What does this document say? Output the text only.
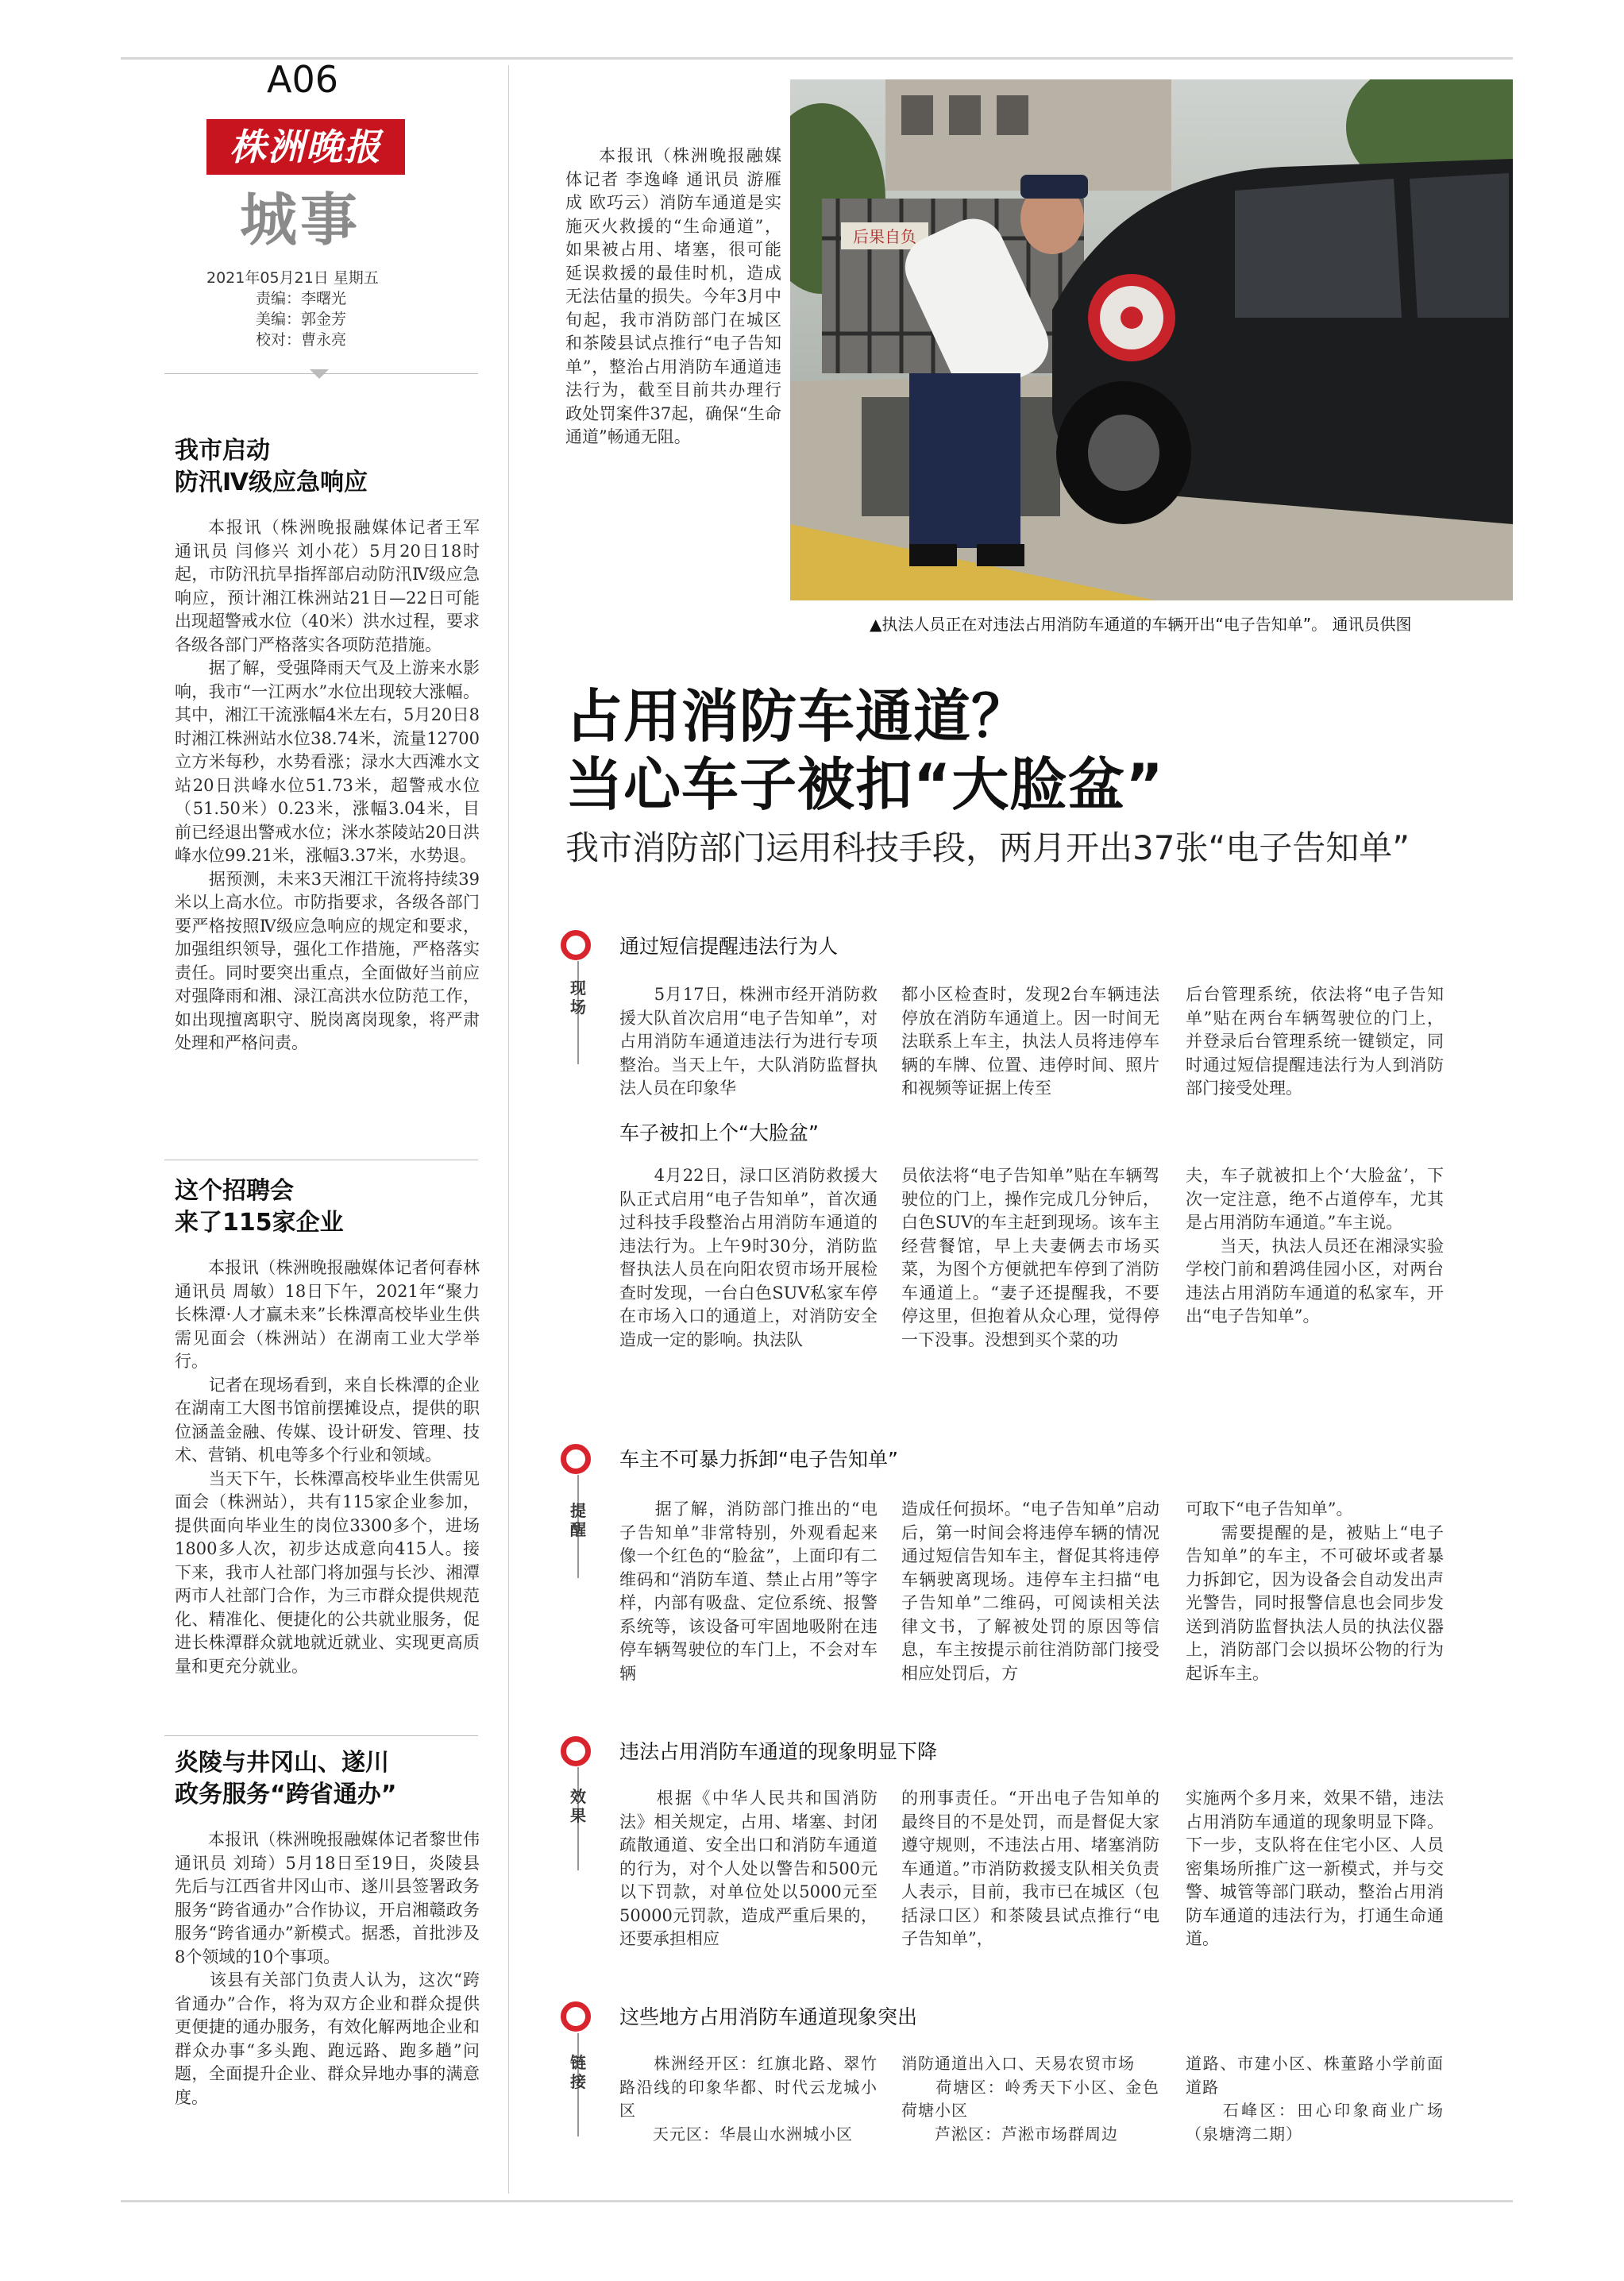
A06
株洲晚报
城事
2021年05月21日 星期五
责编：李曙光
美编：郭金芳
校对：曹永亮
我市启动
防汛Ⅳ级应急响应
本报讯（株洲晚报融媒体记者王军 通讯员 闫修兴 刘小花）5月20日18时起，市防汛抗旱指挥部启动防汛Ⅳ级应急响应，预计湘江株洲站21日—22日可能出现超警戒水位（40米）洪水过程，要求各级各部门严格落实各项防范措施。
　　据了解，受强降雨天气及上游来水影响，我市“一江两水”水位出现较大涨幅。其中，湘江干流涨幅4米左右，5月20日8时湘江株洲站水位38.74米，流量12700立方米每秒，水势看涨；渌水大西滩水文站20日洪峰水位51.73米，超警戒水位（51.50米）0.23米，涨幅3.04米，目前已经退出警戒水位；洣水茶陵站20日洪峰水位99.21米，涨幅3.37米，水势退。
　　据预测，未来3天湘江干流将持续39米以上高水位。市防指要求，各级各部门要严格按照Ⅳ级应急响应的规定和要求，加强组织领导，强化工作措施，严格落实责任。同时要突出重点，全面做好当前应对强降雨和湘、渌江高洪水位防范工作，如出现擅离职守、脱岗离岗现象，将严肃处理和严格问责。
这个招聘会
来了115家企业
本报讯（株洲晚报融媒体记者何春林 通讯员 周敏）18日下午，2021年“聚力长株潭·人才赢未来”长株潭高校毕业生供需见面会（株洲站）在湖南工业大学举行。
　　记者在现场看到，来自长株潭的企业在湖南工大图书馆前摆摊设点，提供的职位涵盖金融、传媒、设计研发、管理、技术、营销、机电等多个行业和领域。
　　当天下午，长株潭高校毕业生供需见面会（株洲站），共有115家企业参加，提供面向毕业生的岗位3300多个，进场1800多人次，初步达成意向415人。接下来，我市人社部门将加强与长沙、湘潭两市人社部门合作，为三市群众提供规范化、精准化、便捷化的公共就业服务，促进长株潭群众就地就近就业、实现更高质量和更充分就业。
炎陵与井冈山、遂川
政务服务“跨省通办”
本报讯（株洲晚报融媒体记者黎世伟 通讯员 刘琦）5月18日至19日，炎陵县先后与江西省井冈山市、遂川县签署政务服务“跨省通办”合作协议，开启湘赣政务服务“跨省通办”新模式。据悉，首批涉及8个领域的10个事项。
　　该县有关部门负责人认为，这次“跨省通办”合作，将为双方企业和群众提供更便捷的通办服务，有效化解两地企业和群众办事“多头跑、跑远路、跑多趟”问题，全面提升企业、群众异地办事的满意度。
本报讯（株洲晚报融媒体记者 李逸峰 通讯员 游雁成 欧巧云）消防车通道是实施灭火救援的“生命通道”，如果被占用、堵塞，很可能延误救援的最佳时机，造成无法估量的损失。今年3月中旬起，我市消防部门在城区和茶陵县试点推行“电子告知单”，整治占用消防车通道违法行为，截至目前共办理行政处罚案件37起，确保“生命通道”畅通无阻。
后果自负
▲执法人员正在对违法占用消防车通道的车辆开出“电子告知单”。 通讯员供图
占用消防车通道？
当心车子被扣“大脸盆”
我市消防部门运用科技手段，两月开出37张“电子告知单”
现
场
通过短信提醒违法行为人
　　5月17日，株洲市经开消防救援大队首次启用“电子告知单”，对占用消防车通道违法行为进行专项整治。当天上午，大队消防监督执法人员在印象华
都小区检查时，发现2台车辆违法停放在消防车通道上。因一时间无法联系上车主，执法人员将违停车辆的车牌、位置、违停时间、照片和视频等证据上传至
后台管理系统，依法将“电子告知单”贴在两台车辆驾驶位的门上，并登录后台管理系统一键锁定，同时通过短信提醒违法行为人到消防部门接受处理。
车子被扣上个“大脸盆”
　　4月22日，渌口区消防救援大队正式启用“电子告知单”，首次通过科技手段整治占用消防车通道的违法行为。上午9时30分，消防监督执法人员在向阳农贸市场开展检查时发现，一台白色SUV私家车停在市场入口的通道上，对消防安全造成一定的影响。执法队
员依法将“电子告知单”贴在车辆驾驶位的门上，操作完成几分钟后，白色SUV的车主赶到现场。该车主经营餐馆，早上夫妻俩去市场买菜，为图个方便就把车停到了消防车通道上。“妻子还提醒我，不要停这里，但抱着从众心理，觉得停一下没事。没想到买个菜的功
夫，车子就被扣上个‘大脸盆’，下次一定注意，绝不占道停车，尤其是占用消防车通道。”车主说。
　　当天，执法人员还在湘渌实验学校门前和碧鸿佳园小区，对两台违法占用消防车通道的私家车，开出“电子告知单”。
提
醒
车主不可暴力拆卸“电子告知单”
　　据了解，消防部门推出的“电子告知单”非常特别，外观看起来像一个红色的“脸盆”，上面印有二维码和“消防车道、禁止占用”等字样，内部有吸盘、定位系统、报警系统等，该设备可牢固地吸附在违停车辆驾驶位的车门上，不会对车辆
造成任何损坏。“电子告知单”启动后，第一时间会将违停车辆的情况通过短信告知车主，督促其将违停车辆驶离现场。违停车主扫描“电子告知单”二维码，可阅读相关法律文书，了解被处罚的原因等信息，车主按提示前往消防部门接受相应处罚后，方
可取下“电子告知单”。
　　需要提醒的是，被贴上“电子告知单”的车主，不可破坏或者暴力拆卸它，因为设备会自动发出声光警告，同时报警信息也会同步发送到消防监督执法人员的执法仪器上，消防部门会以损坏公物的行为起诉车主。
效
果
违法占用消防车通道的现象明显下降
　　根据《中华人民共和国消防法》相关规定，占用、堵塞、封闭疏散通道、安全出口和消防车通道的行为，对个人处以警告和500元以下罚款，对单位处以5000元至50000元罚款，造成严重后果的，还要承担相应
的刑事责任。“开出电子告知单的最终目的不是处罚，而是督促大家遵守规则，不违法占用、堵塞消防车通道。”市消防救援支队相关负责人表示，目前，我市已在城区（包括渌口区）和茶陵县试点推行“电子告知单”，
实施两个多月来，效果不错，违法占用消防车通道的现象明显下降。下一步，支队将在住宅小区、人员密集场所推广这一新模式，并与交警、城管等部门联动，整治占用消防车通道的违法行为，打通生命通道。
链
接
这些地方占用消防车通道现象突出
　　株洲经开区：红旗北路、翠竹路沿线的印象华都、时代云龙城小区
　　天元区：华晨山水洲城小区
消防通道出入口、天易农贸市场
　　荷塘区：岭秀天下小区、金色荷塘小区
　　芦淞区：芦淞市场群周边
道路、市建小区、株董路小学前面道路
　　石峰区：田心印象商业广场（泉塘湾二期）
